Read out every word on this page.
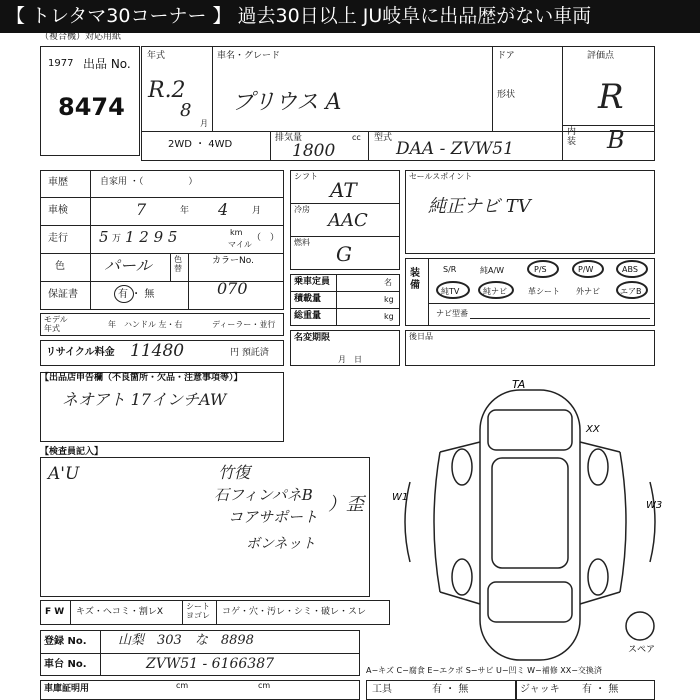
【 トレタマ30コーナー 】 過去30日以上 JU岐阜に出品歴がない車両
（複合機）対応用紙
1977 出品 No.
8474
年式
R.2
8
月
車名・グレード
プリウス A
ドア
形状
評価点
R
内装 B
2WD ・ 4WD
排気量	cc
1800
型式
DAA - ZVW51
車歴	自家用 ・（　　　　　）
車検	7	年 4	月
走行 5 万 1 2 9 5	km
マイル
（　）
色 パール	色替
カラーNo.
070
保証書	有 ・ 無
モデル年式	年 ハンドル 左・右	ディーラー・並行
リサイクル料金 11480	円 預託済
シフト
AT
冷房
AAC
燃料 G
乗車定員	名
積載量	kg
総重量	kg
名変期限
月　日
セールスポイント
純正ナビ TV
装備
S/R	純A/W	P/S	P/W	ABS
純TV	純ナビ	革シート 外ナビ	エアB
ナビ型番
後日品
【出品店申告欄（不良箇所・欠品・注意事項等）】
ネオアト 17インチAW
【検査員記入】
A'U	竹復
石フィンパネB
コアサポート
ボンネット
）歪
TA
XX
W3
W1
スペア
F W キズ・ヘコミ・割レX
シートヨゴレ	コゲ・穴・汚レ・シミ・破レ・スレ
登録 No. 山梨　303　な　8898
車台 No.	ZVW51 - 6166387	A−キズ C−腐食 E−エクボ S−サビ U−凹ミ W−補修 XX−交換済
車庫証明用	cm	cm	工具	有 ・ 無	ジャッキ 有 ・ 無
